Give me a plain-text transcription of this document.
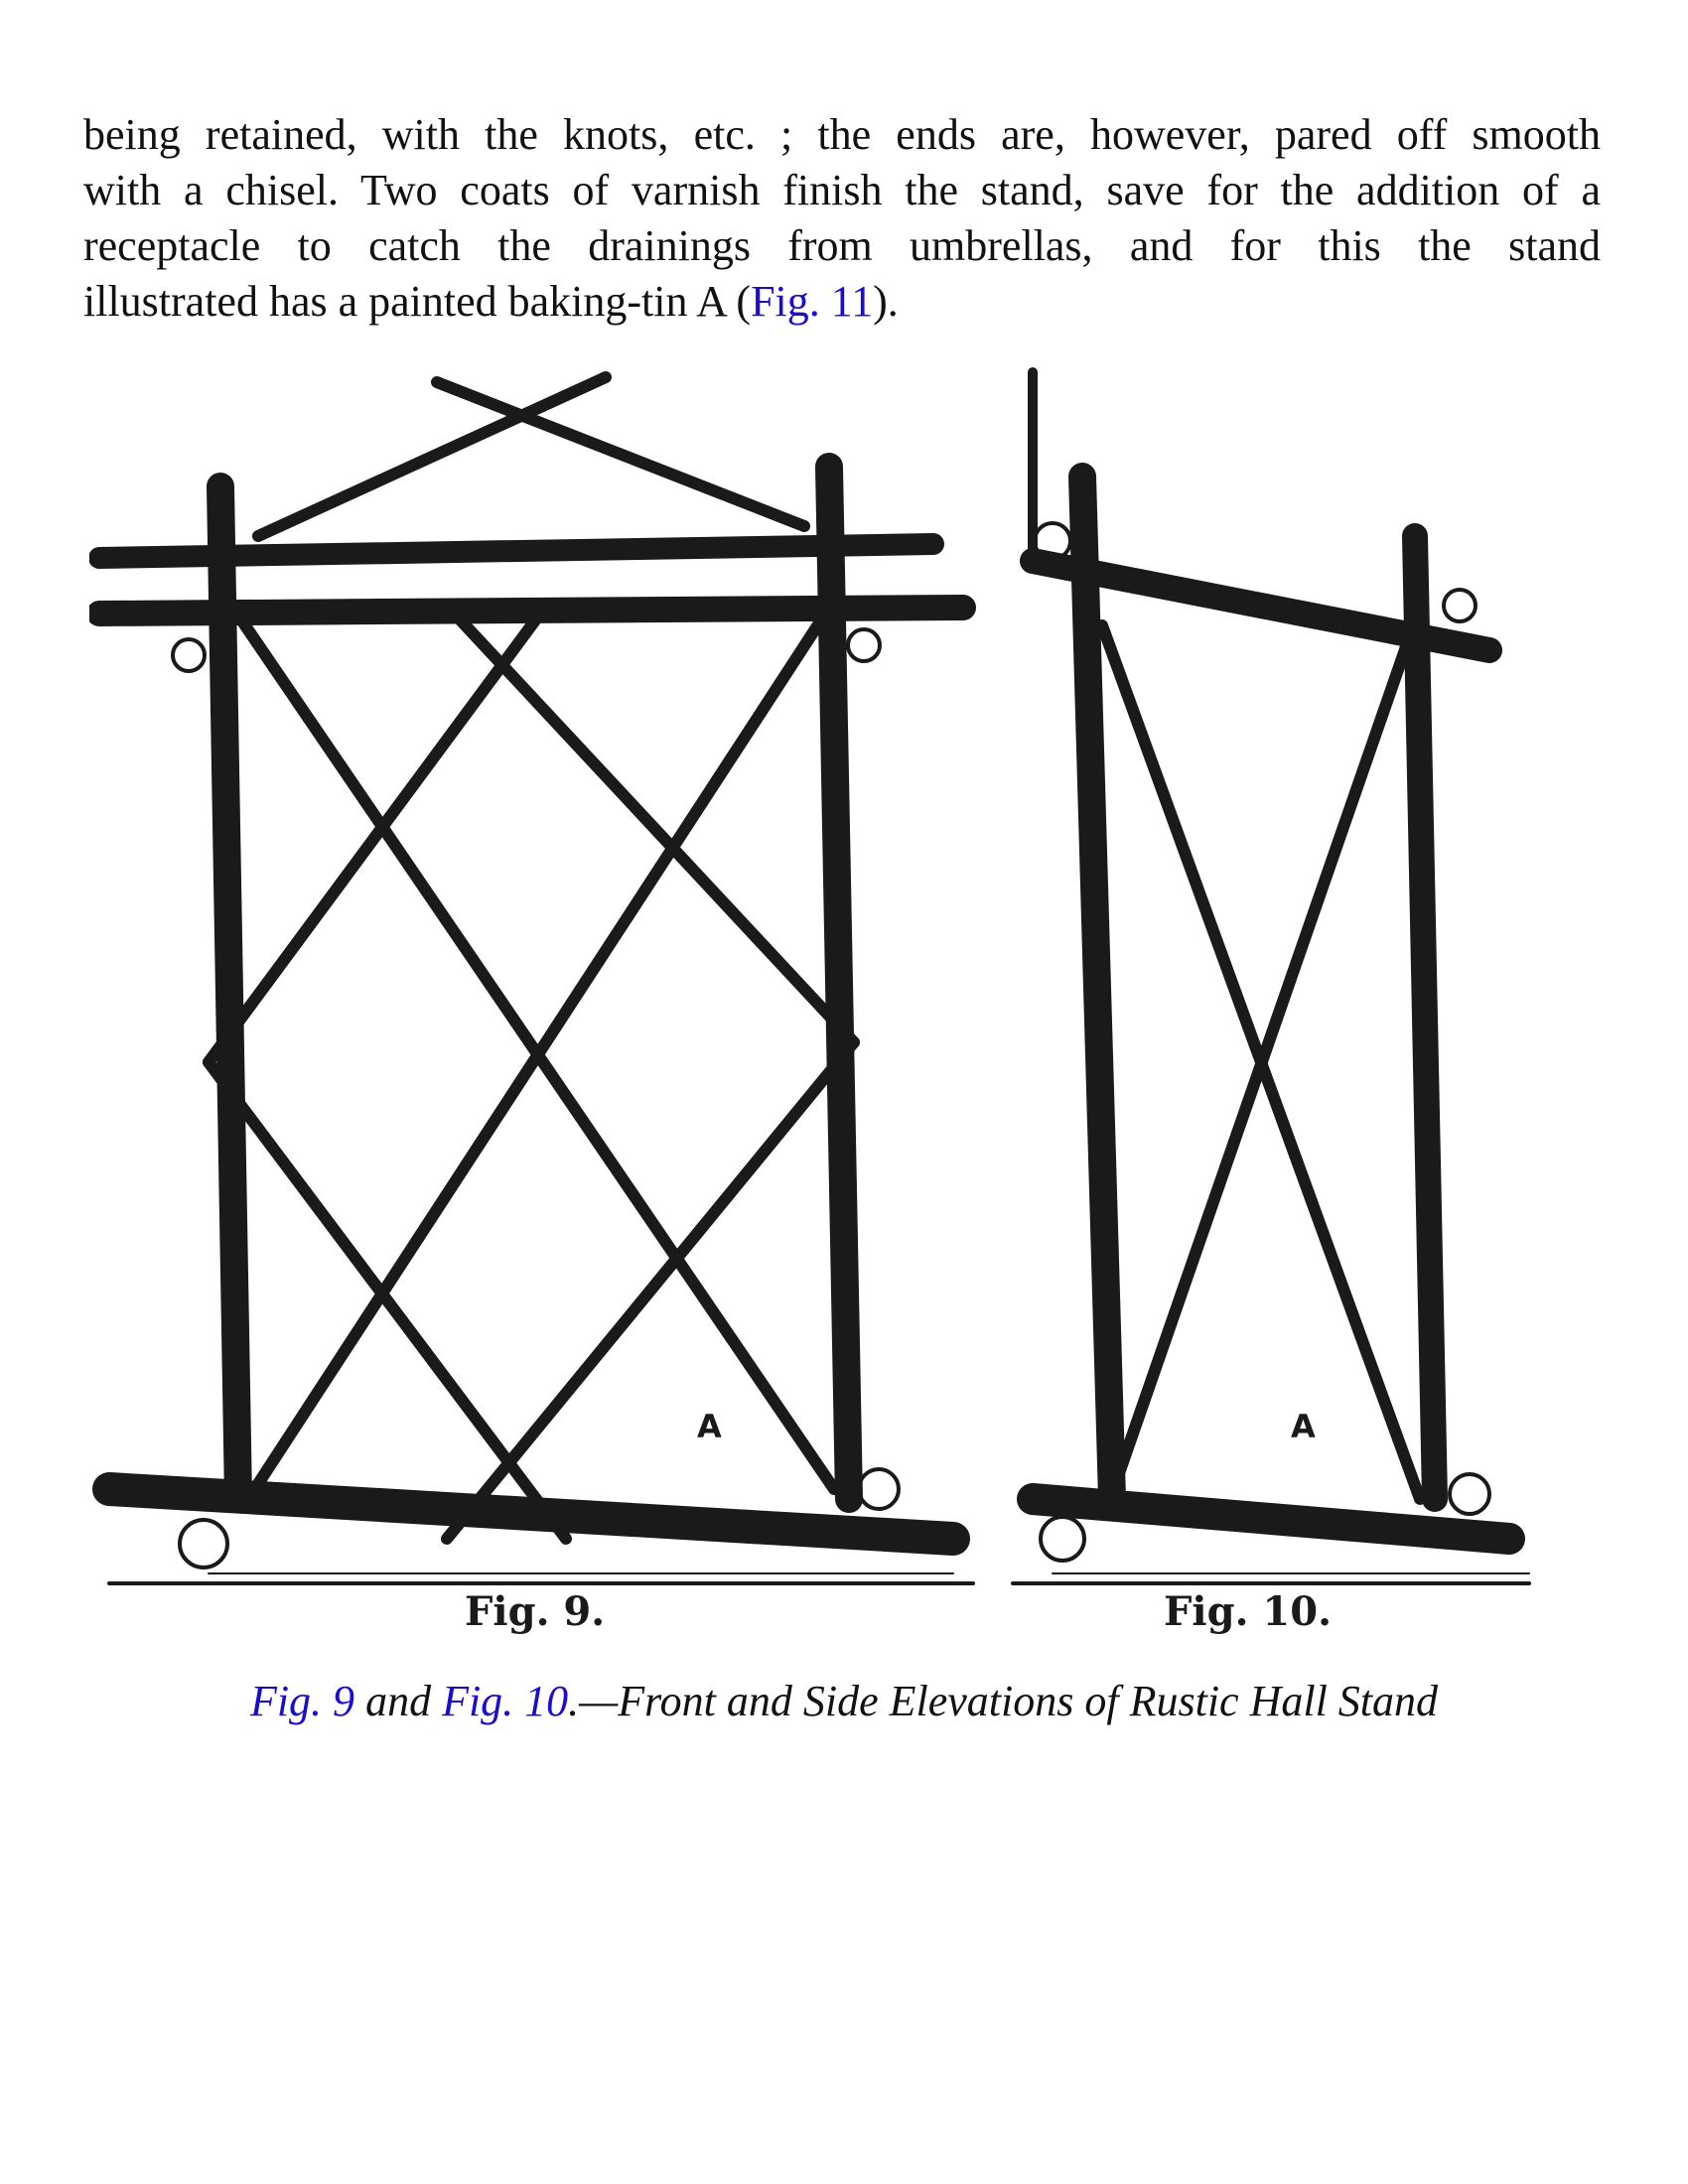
being retained, with the knots, etc. ; the ends are, however, pared off smooth
with a chisel. Two coats of varnish finish the stand, save for the addition of a
receptacle to catch the drainings from umbrellas, and for this the stand
illustrated has a painted baking-tin A (Fig. 11).

A	A
Fig. 9.	Fig. 10.
Fig. 9 and Fig. 10.—Front and Side Elevations of Rustic Hall Stand
